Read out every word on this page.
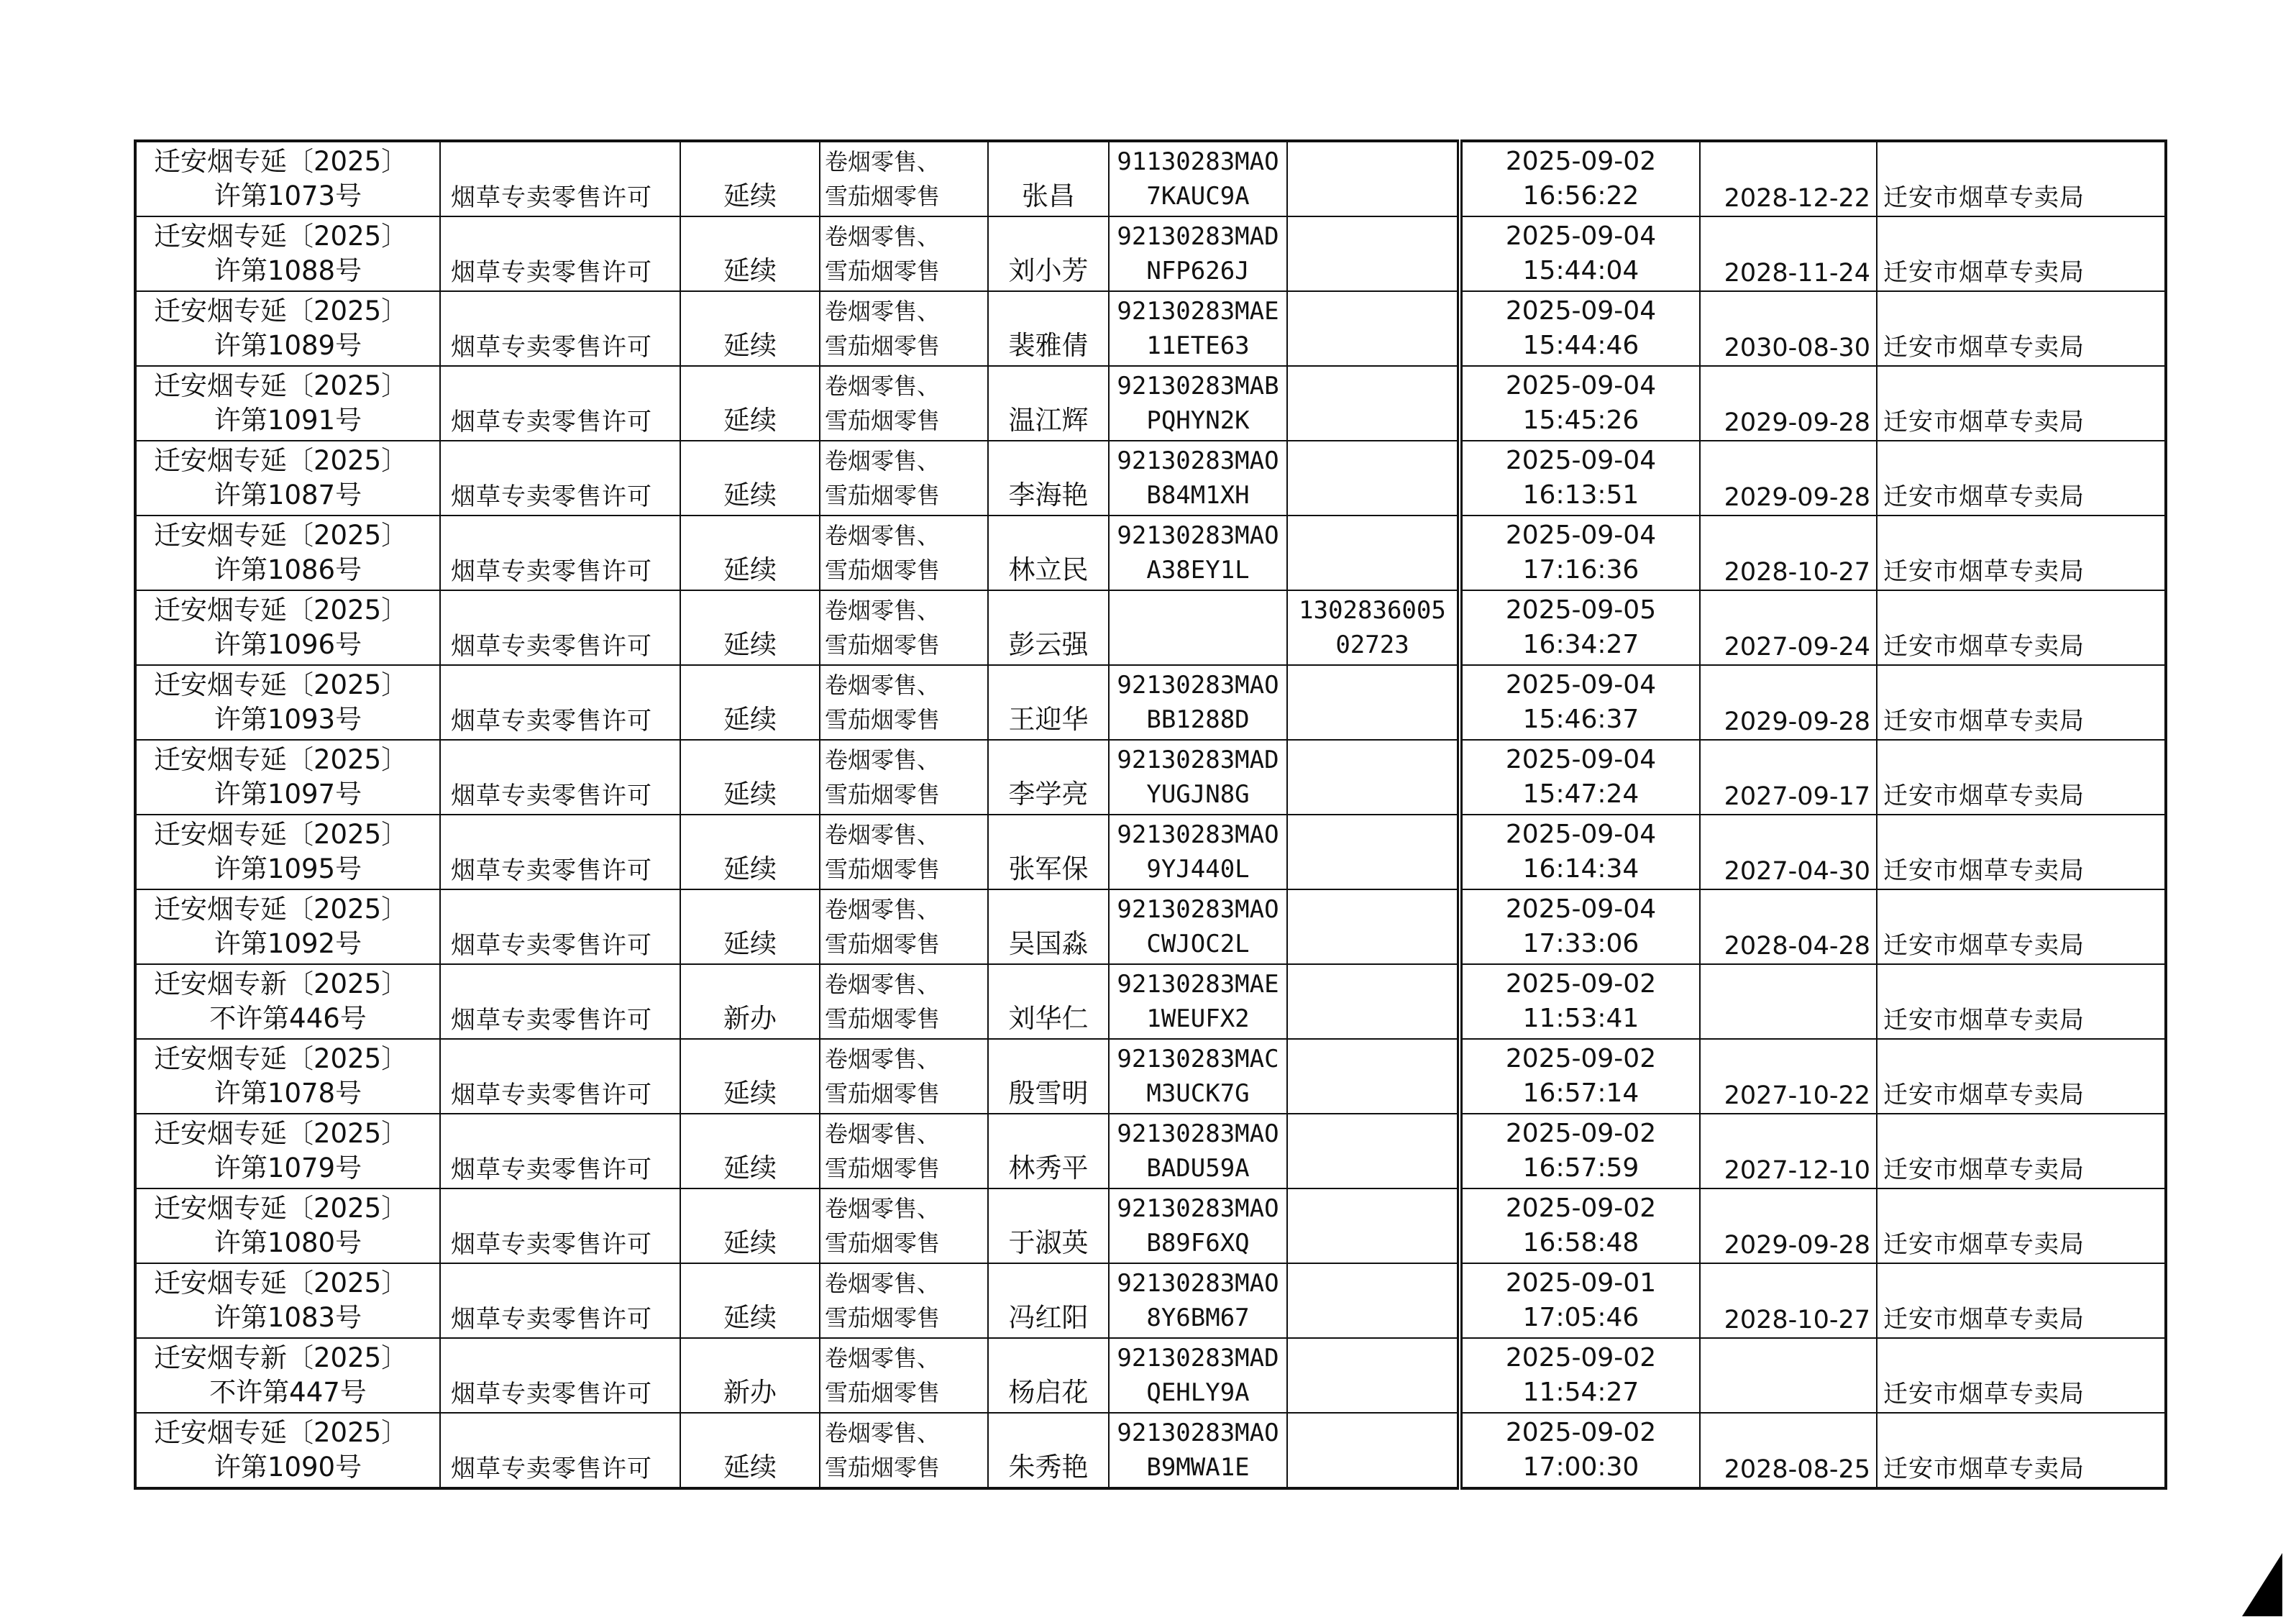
迁安烟专延〔2025〕
许第1073号	烟草专卖零售许可	延续	卷烟零售、
雪茄烟零售	张昌	91130283MAO
7KAUC9A		2025-09-02
16:56:22	2028-12-22	迁安市烟草专卖局

迁安烟专延〔2025〕
许第1088号	烟草专卖零售许可	延续	卷烟零售、
雪茄烟零售	刘小芳	92130283MAD
NFP626J		2025-09-04
15:44:04	2028-11-24	迁安市烟草专卖局

迁安烟专延〔2025〕
许第1089号	烟草专卖零售许可	延续	卷烟零售、
雪茄烟零售	裴雅倩	92130283MAE
11ETE63		2025-09-04
15:44:46	2030-08-30	迁安市烟草专卖局

迁安烟专延〔2025〕
许第1091号	烟草专卖零售许可	延续	卷烟零售、
雪茄烟零售	温江辉	92130283MAB
PQHYN2K		2025-09-04
15:45:26	2029-09-28	迁安市烟草专卖局

迁安烟专延〔2025〕
许第1087号	烟草专卖零售许可	延续	卷烟零售、
雪茄烟零售	李海艳	92130283MAO
B84M1XH		2025-09-04
16:13:51	2029-09-28	迁安市烟草专卖局

迁安烟专延〔2025〕
许第1086号	烟草专卖零售许可	延续	卷烟零售、
雪茄烟零售	林立民	92130283MAO
A38EY1L		2025-09-04
17:16:36	2028-10-27	迁安市烟草专卖局

迁安烟专延〔2025〕
许第1096号	烟草专卖零售许可	延续	卷烟零售、
雪茄烟零售	彭云强		1302836005
02723	2025-09-05
16:34:27	2027-09-24	迁安市烟草专卖局

迁安烟专延〔2025〕
许第1093号	烟草专卖零售许可	延续	卷烟零售、
雪茄烟零售	王迎华	92130283MAO
BB1288D		2025-09-04
15:46:37	2029-09-28	迁安市烟草专卖局

迁安烟专延〔2025〕
许第1097号	烟草专卖零售许可	延续	卷烟零售、
雪茄烟零售	李学亮	92130283MAD
YUGJN8G		2025-09-04
15:47:24	2027-09-17	迁安市烟草专卖局

迁安烟专延〔2025〕
许第1095号	烟草专卖零售许可	延续	卷烟零售、
雪茄烟零售	张军保	92130283MAO
9YJ440L		2025-09-04
16:14:34	2027-04-30	迁安市烟草专卖局

迁安烟专延〔2025〕
许第1092号	烟草专卖零售许可	延续	卷烟零售、
雪茄烟零售	吴国淼	92130283MAO
CWJOC2L		2025-09-04
17:33:06	2028-04-28	迁安市烟草专卖局

迁安烟专新〔2025〕
不许第446号	烟草专卖零售许可	新办	卷烟零售、
雪茄烟零售	刘华仁	92130283MAE
1WEUFX2		2025-09-02
11:53:41		迁安市烟草专卖局

迁安烟专延〔2025〕
许第1078号	烟草专卖零售许可	延续	卷烟零售、
雪茄烟零售	殷雪明	92130283MAC
M3UCK7G		2025-09-02
16:57:14	2027-10-22	迁安市烟草专卖局

迁安烟专延〔2025〕
许第1079号	烟草专卖零售许可	延续	卷烟零售、
雪茄烟零售	林秀平	92130283MAO
BADU59A		2025-09-02
16:57:59	2027-12-10	迁安市烟草专卖局

迁安烟专延〔2025〕
许第1080号	烟草专卖零售许可	延续	卷烟零售、
雪茄烟零售	于淑英	92130283MAO
B89F6XQ		2025-09-02
16:58:48	2029-09-28	迁安市烟草专卖局

迁安烟专延〔2025〕
许第1083号	烟草专卖零售许可	延续	卷烟零售、
雪茄烟零售	冯红阳	92130283MAO
8Y6BM67		2025-09-01
17:05:46	2028-10-27	迁安市烟草专卖局

迁安烟专新〔2025〕
不许第447号	烟草专卖零售许可	新办	卷烟零售、
雪茄烟零售	杨启花	92130283MAD
QEHLY9A		2025-09-02
11:54:27		迁安市烟草专卖局

迁安烟专延〔2025〕
许第1090号	烟草专卖零售许可	延续	卷烟零售、
雪茄烟零售	朱秀艳	92130283MAO
B9MWA1E		2025-09-02
17:00:30	2028-08-25	迁安市烟草专卖局
